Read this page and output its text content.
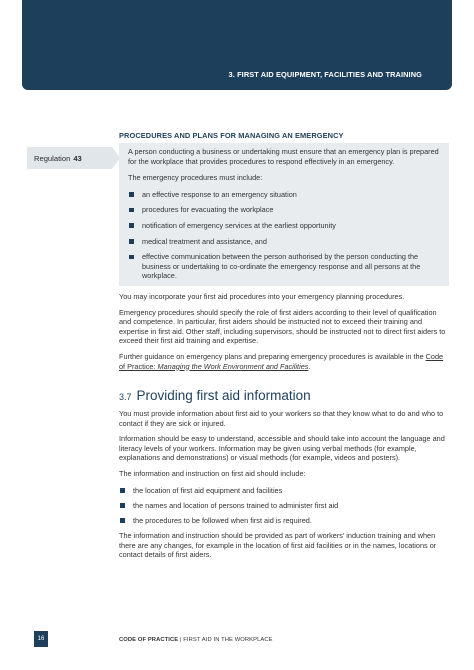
3. FIRST AID EQUIPMENT, FACILITIES AND TRAINING
Regulation 43
PROCEDURES AND PLANS FOR MANAGING AN EMERGENCY

A person conducting a business or undertaking must ensure that an emergency plan is prepared for the workplace that provides procedures to respond effectively in an emergency.

The emergency procedures must include:

an effective response to an emergency situation
procedures for evacuating the workplace
notification of emergency services at the earliest opportunity
medical treatment and assistance, and
effective communication between the person authorised by the person conducting the business or undertaking to co-ordinate the emergency response and all persons at the workplace.

You may incorporate your first aid procedures into your emergency planning procedures.

Emergency procedures should specify the role of first aiders according to their level of qualification and competence. In particular, first aiders should be instructed not to exceed their training and expertise in first aid. Other staff, including supervisors, should be instructed not to direct first aiders to exceed their first aid training and expertise.

Further guidance on emergency plans and preparing emergency procedures is available in the Code of Practice: Managing the Work Environment and Facilities.

3.7 Providing first aid information

You must provide information about first aid to your workers so that they know what to do and who to contact if they are sick or injured.

Information should be easy to understand, accessible and should take into account the language and literacy levels of your workers. Information may be given using verbal methods (for example, explanations and demonstrations) or visual methods (for example, videos and posters).

The information and instruction on first aid should include:

the location of first aid equipment and facilities
the names and location of persons trained to administer first aid
the procedures to be followed when first aid is required.

The information and instruction should be provided as part of workers' induction training and when there are any changes, for example in the location of first aid facilities or in the names, locations or contact details of first aiders.

16	CODE OF PRACTICE | FIRST AID IN THE WORKPLACE
